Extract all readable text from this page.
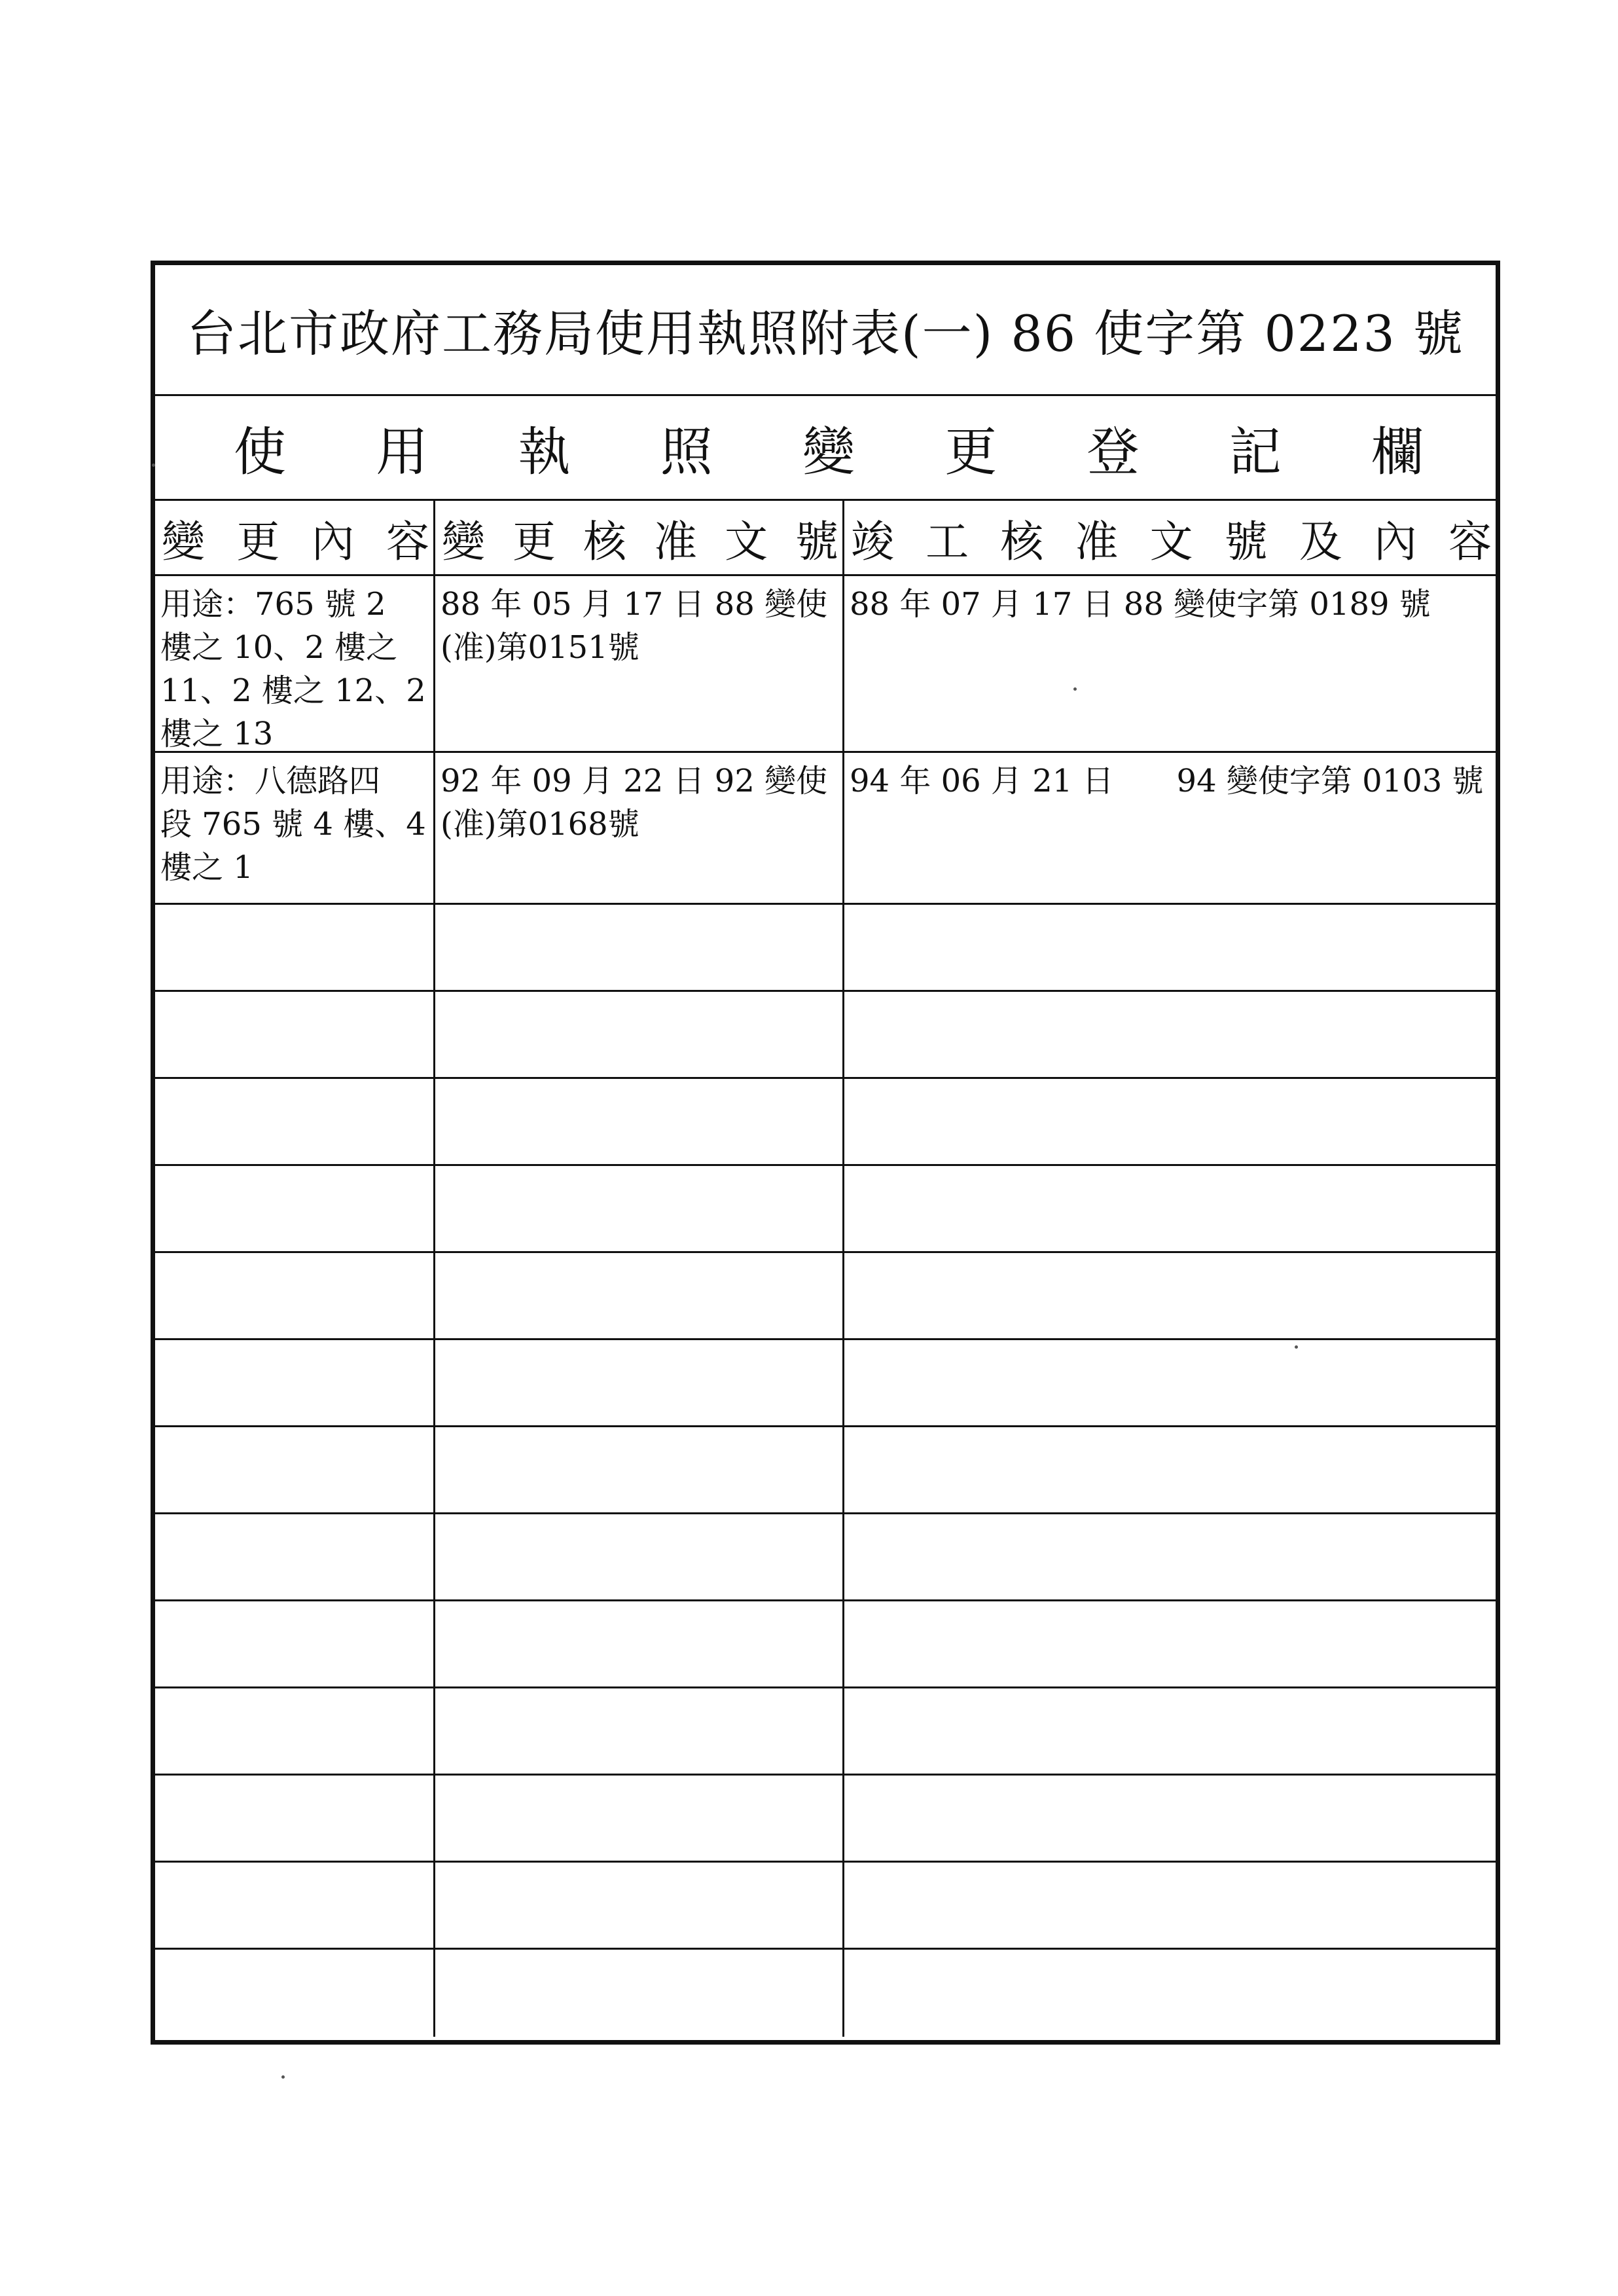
台北市政府工務局使用執照附表(一) 86 使字第 0223 號
使 用 執 照 變 更 登 記 欄
變 更 內 容 變 更 核 准 文 號 竣 工 核 准 文 號 及 內 容
用途：765 號 2
樓之 10、2 樓之
11、2 樓之 12、2
樓之 13
88 年 05 月 17 日 88 變使
(准)第0151號
88 年 07 月 17 日 88 變使字第 0189 號
用途：八德路四
段 765 號 4 樓、4
樓之 1
92 年 09 月 22 日 92 變使
(准)第0168號
94 年 06 月 21 日　　94 變使字第 0103 號
